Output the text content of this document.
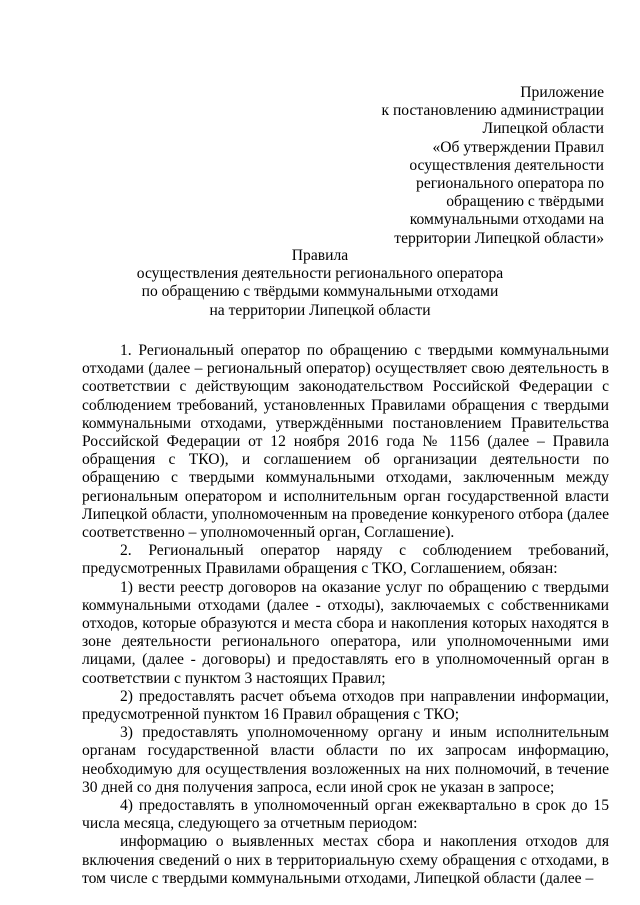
Приложение
к постановлению администрации
Липецкой области
«Об утверждении Правил
осуществления деятельности
регионального оператора по
обращению с твёрдыми
коммунальными отходами на
территории Липецкой области»
Правила
осуществления деятельности регионального оператора
по обращению с твёрдыми коммунальными отходами
на территории Липецкой области

1. Региональный оператор по обращению с твердыми коммунальными отходами (далее – региональный оператор) осуществляет свою деятельность в соответствии с действующим законодательством Российской Федерации с соблюдением требований, установленных Правилами обращения с твердыми коммунальными отходами, утверждёнными постановлением Правительства Российской Федерации от 12 ноября 2016 года № 1156 (далее – Правила обращения с ТКО), и соглашением об организации деятельности по обращению с твердыми коммунальными отходами, заключенным между региональным оператором и исполнительным орган государственной власти Липецкой области, уполномоченным на проведение конкуреного отбора (далее соответственно – уполномоченный орган, Соглашение).

2. Региональный оператор наряду с соблюдением требований, предусмотренных Правилами обращения с ТКО, Соглашением, обязан:

1) вести реестр договоров на оказание услуг по обращению с твердыми коммунальными отходами (далее - отходы), заключаемых с собственниками отходов, которые образуются и места сбора и накопления которых находятся в зоне деятельности регионального оператора, или уполномоченными ими лицами, (далее - договоры) и предоставлять его в уполномоченный орган в соответствии с пунктом 3 настоящих Правил;

2) предоставлять расчет объема отходов при направлении информации, предусмотренной пунктом 16 Правил обращения с ТКО;

3) предоставлять уполномоченному органу и иным исполнительным органам государственной власти области по их запросам информацию, необходимую для осуществления возложенных на них полномочий, в течение 30 дней со дня получения запроса, если иной срок не указан в запросе;

4) предоставлять в уполномоченный орган ежеквартально в срок до 15 числа месяца, следующего за отчетным периодом:

информацию о выявленных местах сбора и накопления отходов для включения сведений о них в территориальную схему обращения с отходами, в том числе с твердыми коммунальными отходами, Липецкой области (далее –
